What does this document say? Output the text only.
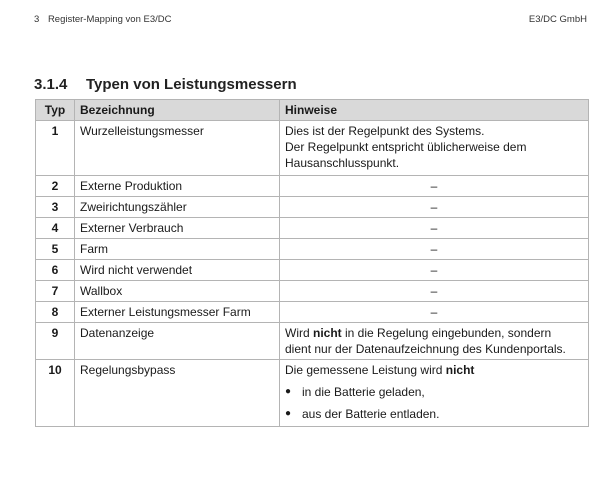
3 Register-Mapping von E3/DC	E3/DC GmbH
3.1.4 Typen von Leistungsmessern
Typ	Bezeichnung	Hinweise
1	Wurzelleistungsmesser	Dies ist der Regelpunkt des Systems.
Der Regelpunkt entspricht üblicherweise dem
Hausanschlusspunkt.

2	Externe Produktion	–
3	Zweirichtungszähler	–
4	Externer Verbrauch	–
5	Farm	–
6	Wird nicht verwendet	–
7	Wallbox	–
8	Externer Leistungsmesser Farm	–
9	Datenanzeige	Wird nicht in die Regelung eingebunden, sondern
dient nur der Datenaufzeichnung des Kundenportals.

10	Regelungsbypass	Die gemessene Leistung wird nicht
● in die Batterie geladen,
● aus der Batterie entladen.
